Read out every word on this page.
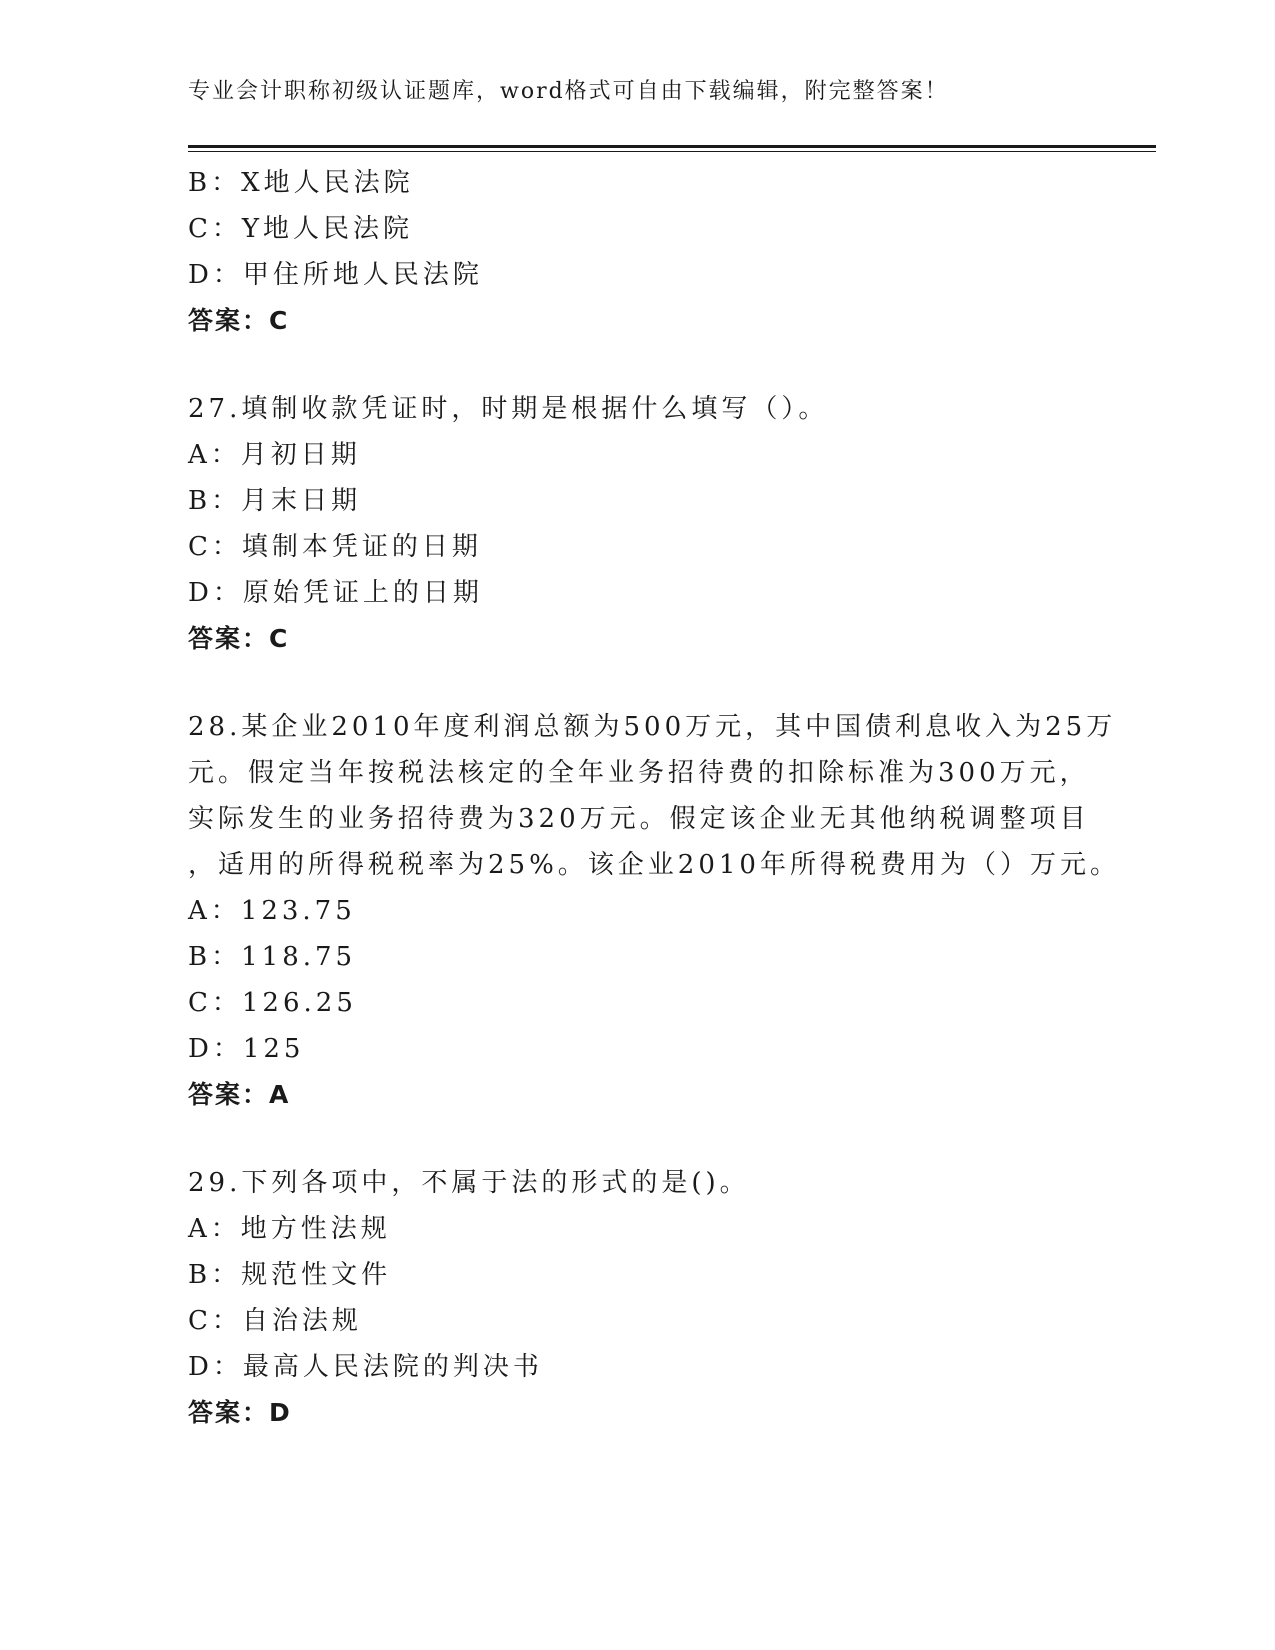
专业会计职称初级认证题库，word格式可自由下载编辑，附完整答案！
B：X地人民法院
C：Y地人民法院
D：甲住所地人民法院
答案：C
27.填制收款凭证时，时期是根据什么填写（）。
A：月初日期
B：月末日期
C：填制本凭证的日期
D：原始凭证上的日期
答案：C
28.某企业2010年度利润总额为500万元，其中国债利息收入为25万
元。假定当年按税法核定的全年业务招待费的扣除标准为300万元，
实际发生的业务招待费为320万元。假定该企业无其他纳税调整项目
，适用的所得税税率为25%。该企业2010年所得税费用为（）万元。
A：123.75
B：118.75
C：126.25
D：125
答案：A
29.下列各项中，不属于法的形式的是()。
A：地方性法规
B：规范性文件
C：自治法规
D：最高人民法院的判决书
答案：D
